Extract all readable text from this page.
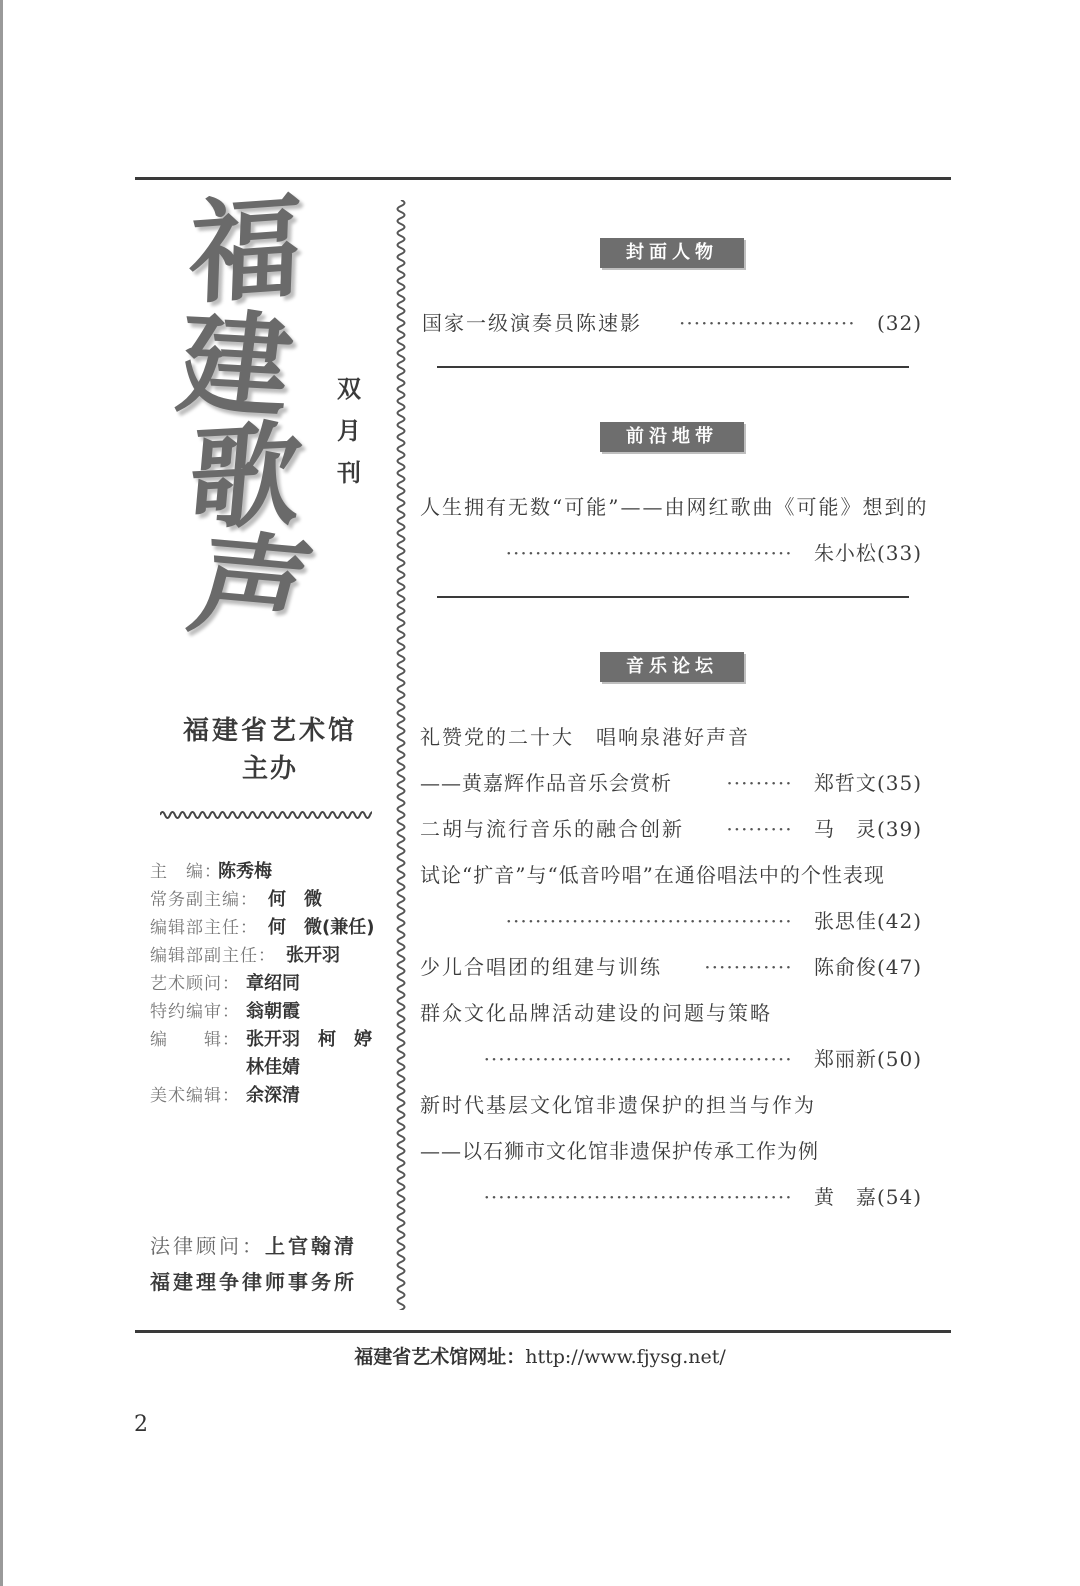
福
建
歌
声
双
月
刊
福建省艺术馆
主办
主　编：
陈秀梅
常务副主编： 何　微
编辑部主任： 何　微(兼任)
编辑部副主任： 张开羽
艺术顾问： 章绍同
特约编审： 翁朝霞
编　　辑： 张开羽　柯　婷
林佳婧
美术编辑： 余深清
法律顾问：上官翰清
福建理争律师事务所
封面人物
国家一级演奏员陈速影	························ (32)
前沿地带
人生拥有无数“可能”——由网红歌曲《可能》想到的
······································· 朱小松(33)
音乐论坛
礼赞党的二十大　唱响泉港好声音
——黄嘉辉作品音乐会赏析	········· 郑哲文(35)
二胡与流行音乐的融合创新	········· 马　灵(39)
试论“扩音”与“低音吟唱”在通俗唱法中的个性表现
······································· 张思佳(42)
少儿合唱团的组建与训练	············ 陈俞俊(47)
群众文化品牌活动建设的问题与策略
·········································· 郑丽新(50)
新时代基层文化馆非遗保护的担当与作为
——以石狮市文化馆非遗保护传承工作为例
·········································· 黄　嘉(54)
福建省艺术馆网址：http://www.fjysg.net/
2
